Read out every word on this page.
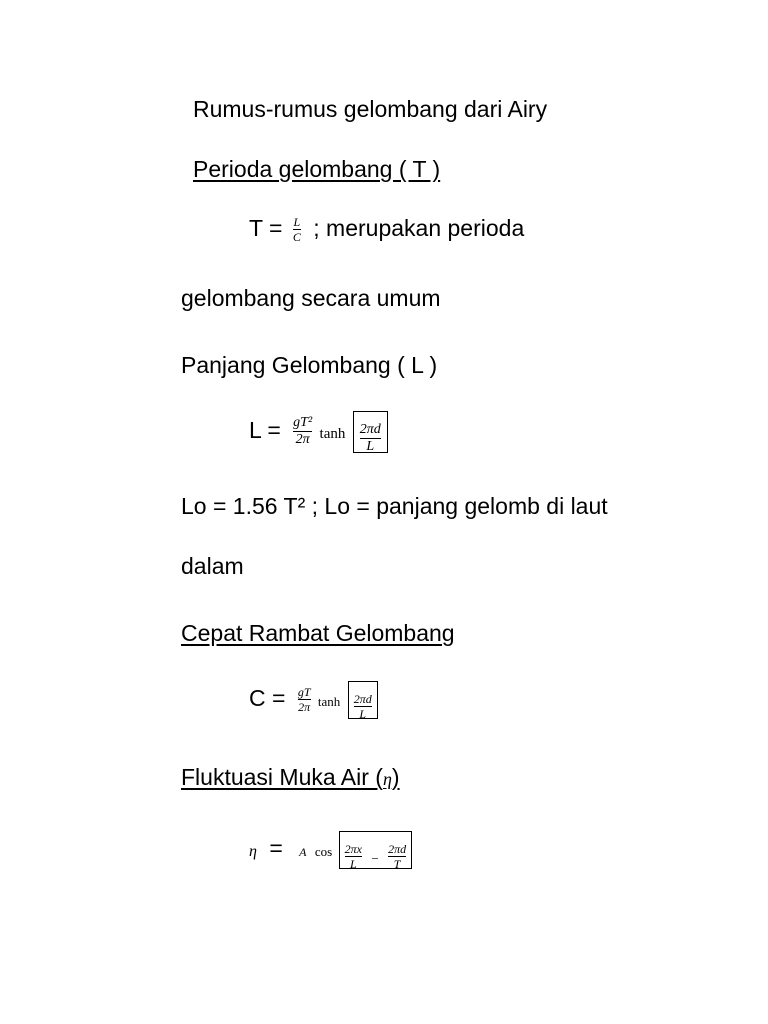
Rumus-rumus gelombang dari Airy
Perioda gelombang ( T )
$T = \frac{L}{C}$ ; merupakan perioda
gelombang secara umum
Panjang Gelombang ( L )
$L = \frac{\text{gT²}}{2\pi}$ $\tanh \frac{2\pi d}{L}$
Lo = 1.56 T² ; Lo = panjang gelomb di laut
dalam
Cepat Rambat Gelombang
$C = \frac{gT}{2\pi}$ $\tanh \frac{2\pi d}{L}$
Fluktuasi Muka Air (η)
η = A $\cos \frac{2\pi x}{L} - \frac{2\pi d}{T}$
